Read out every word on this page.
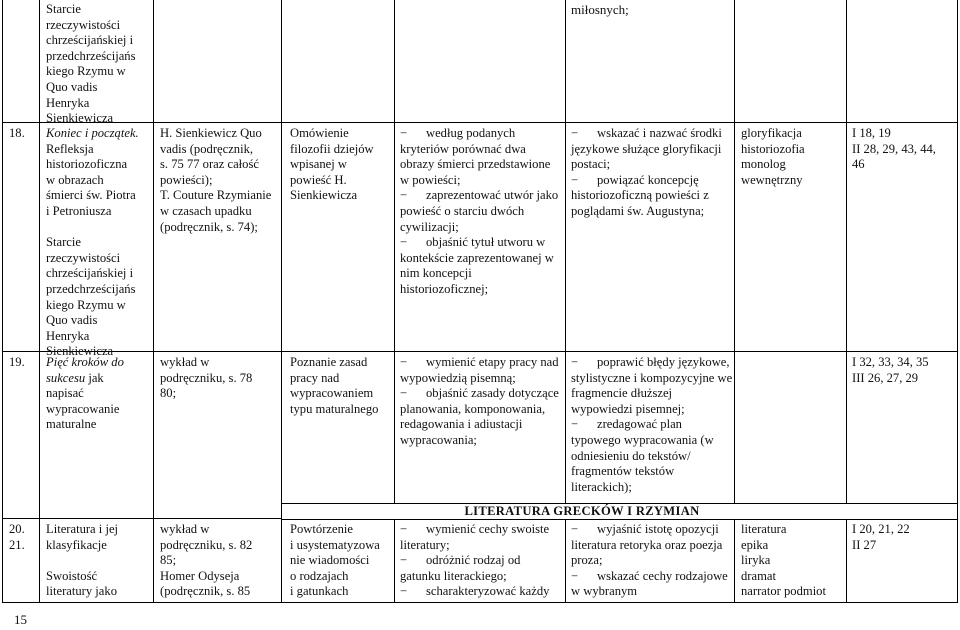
Starcie
rzeczywistości
chrześcijańskiej i
przedchrześcijańs
kiego Rzymu w
Quo vadis
Henryka
Sienkiewicza
miłosnych;
18. Koniec i początek. Refleksja
historiozoficzna
w obrazach
śmierci św. Piotra
i Petroniusza

Starcie
rzeczywistości
chrześcijańskiej i
przedchrześcijańs
kiego Rzymu w
Quo vadis
Henryka
Sienkiewicza
H. Sienkiewicz Quo
vadis (podręcznik,
s. 75 77 oraz całość
powieści);
T. Couture Rzymianie
w czasach upadku
(podręcznik, s. 74);
Omówienie
filozofii dziejów
wpisanej w
powieść H.
Sienkiewicza
−      według podanych kryteriów porównać dwa obrazy śmierci przedstawione w powieści;
−      zaprezentować utwór jako powieść o starciu dwóch cywilizacji;
−      objaśnić tytuł utworu w kontekście zaprezentowanej w nim koncepcji historiozoficznej;
−      wskazać i nazwać środki językowe służące gloryfikacji postaci;
−      powiązać koncepcję historiozoficzną powieści z poglądami św. Augustyna;
gloryfikacja
historiozofia
monolog
wewnętrzny
I 18, 19
II 28, 29, 43, 44,
46
19. Pięć kroków do
sukcesu jak
napisać
wypracowanie
maturalne
wykład w
podręczniku, s. 78
80;
Poznanie zasad
pracy nad
wypracowaniem
typu maturalnego
−      wymienić etapy pracy nad wypowiedzią pisemną;
−      objaśnić zasady dotyczące planowania, komponowania, redagowania i adiustacji wypracowania;
−      poprawić błędy językowe, stylistyczne i kompozycyjne we fragmencie dłuższej wypowiedzi pisemnej;
−      zredagować plan typowego wypracowania (w odniesieniu do tekstów/ fragmentów tekstów literackich);
I 32, 33, 34, 35
III 26, 27, 29
LITERATURA GRECKÓW I RZYMIAN
20.
21.
Literatura i jej
klasyfikacje

Swoistość
literatury jako
wykład w
podręczniku, s. 82
85;
Homer Odyseja
(podręcznik, s. 85
Powtórzenie
i usystematyzowa
nie wiadomości
o rodzajach
i gatunkach
−      wymienić cechy swoiste literatury;
−      odróżnić rodzaj od gatunku literackiego;
−      scharakteryzować każdy
−      wyjaśnić istotę opozycji literatura retoryka oraz poezja proza;
−      wskazać cechy rodzajowe w wybranym
literatura
epika
liryka
dramat
narrator podmiot
I 20, 21, 22
II 27
15
